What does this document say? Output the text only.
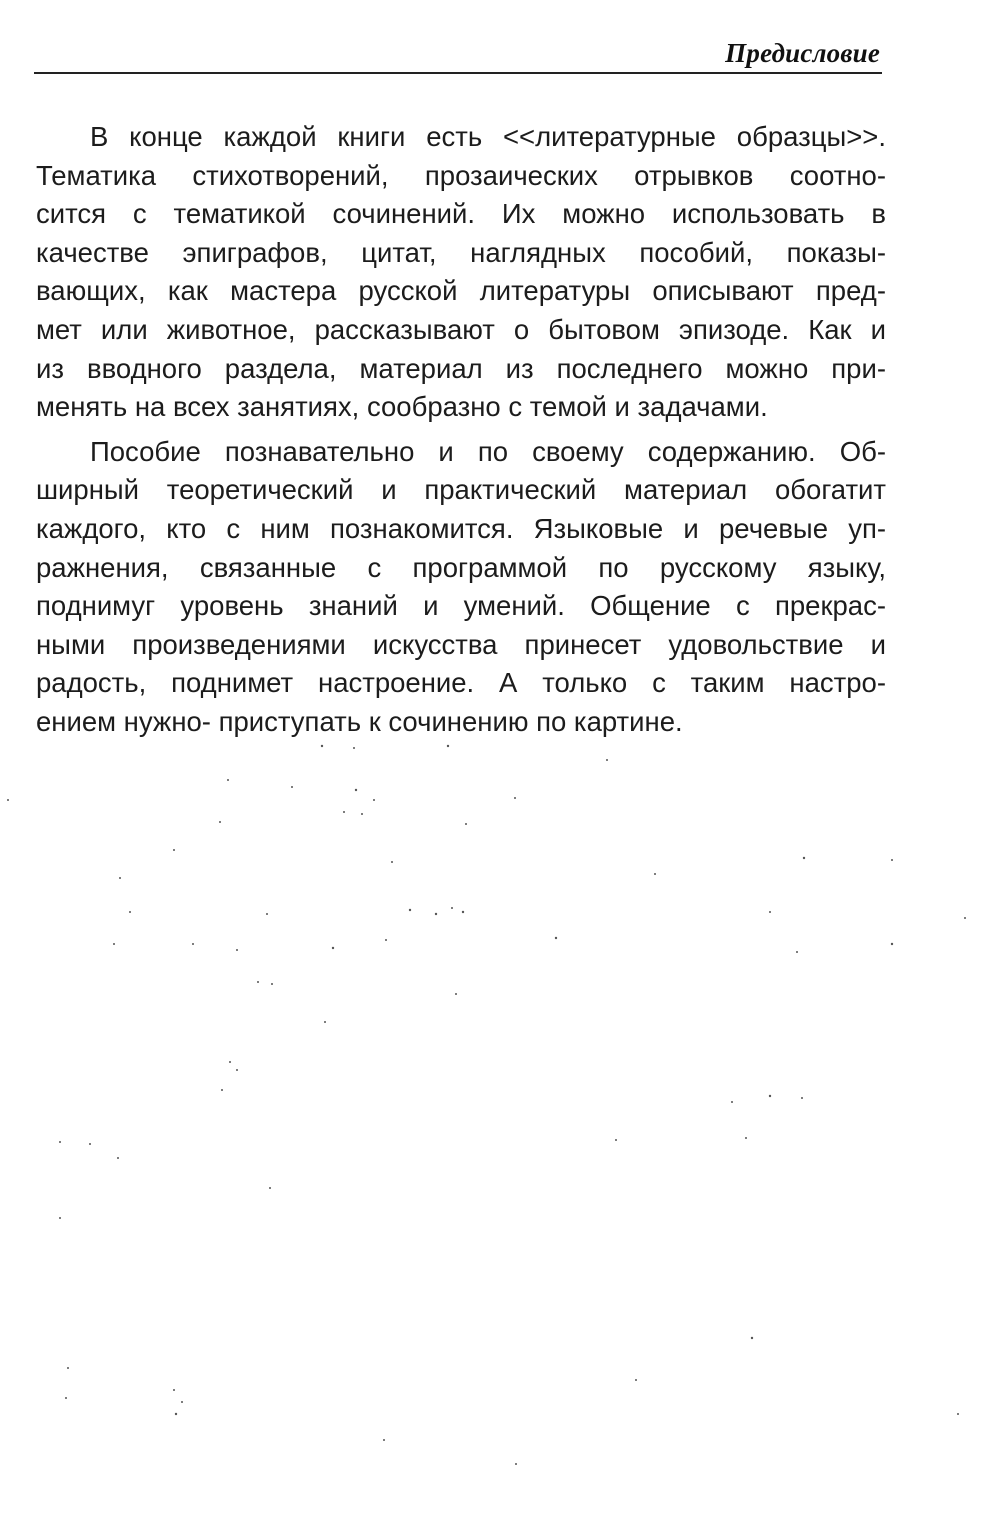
Предисловие

В конце каждой книги есть <<литературные образцы>>.
Тематика стихотворений, прозаических отрывков соотно-
сится с тематикой сочинений. Их можно использовать в
качестве эпиграфов, цитат, наглядных пособий, показы-
вающих, как мастера русской литературы описывают пред-
мет или животное, рассказывают о бытовом эпизоде. Как и
из вводного раздела, материал из последнего можно при-
менять на всех занятиях, сообразно с темой и задачами.

Пособие познавательно и по своему содержанию. Об-
ширный теоретический и практический материал обогатит
каждого, кто с ним познакомится. Языковые и речевые уп-
ражнения, связанные с программой по русскому языку,
поднимуг уровень знаний и умений. Общение с прекрас-
ными произведениями искусства принесет удовольствие и
радость, поднимет настроение. А только с таким настро-
ением нужно- приступать к сочинению по картине.
